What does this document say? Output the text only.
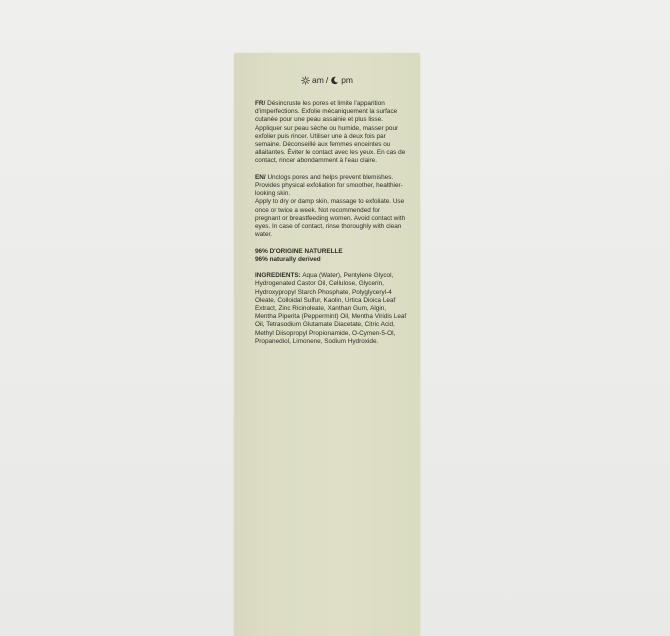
am / pm

FR/ Désincruste les pores et limite l'apparition d'imperfections. Exfolie mécaniquement la surface cutanée pour une peau assainie et plus lisse. Appliquer sur peau sèche ou humide, masser pour exfolier puis rincer. Utiliser une à deux fois par semaine. Déconseillé aux femmes enceintes ou allaitantes. Éviter le contact avec les yeux. En cas de contact, rincer abondamment à l'eau claire.

EN/ Unclogs pores and helps prevent blemishes. Provides physical exfoliation for smoother, healthier-looking skin.
Apply to dry or damp skin, massage to exfoliate. Use once or twice a week. Not recommended for pregnant or breastfeeding women. Avoid contact with eyes. In case of contact, rinse thoroughly with clean water.

96% D'ORIGINE NATURELLE
96% naturally derived

INGREDIENTS: Aqua (Water), Pentylene Glycol, Hydrogenated Castor Oil, Cellulose, Glycerin, Hydroxypropyl Starch Phosphate, Polyglyceryl-4 Oleate, Colloidal Sulfur, Kaolin, Urtica Dioica Leaf Extract, Zinc Ricinoleate, Xanthan Gum, Algin, Mentha Piperita (Peppermint) Oil, Mentha Viridis Leaf Oil, Tetrasodium Glutamate Diacetate, Citric Acid, Methyl Diisopropyl Propionamide, O-Cymen-5-Ol, Propanediol, Limonene, Sodium Hydroxide.
